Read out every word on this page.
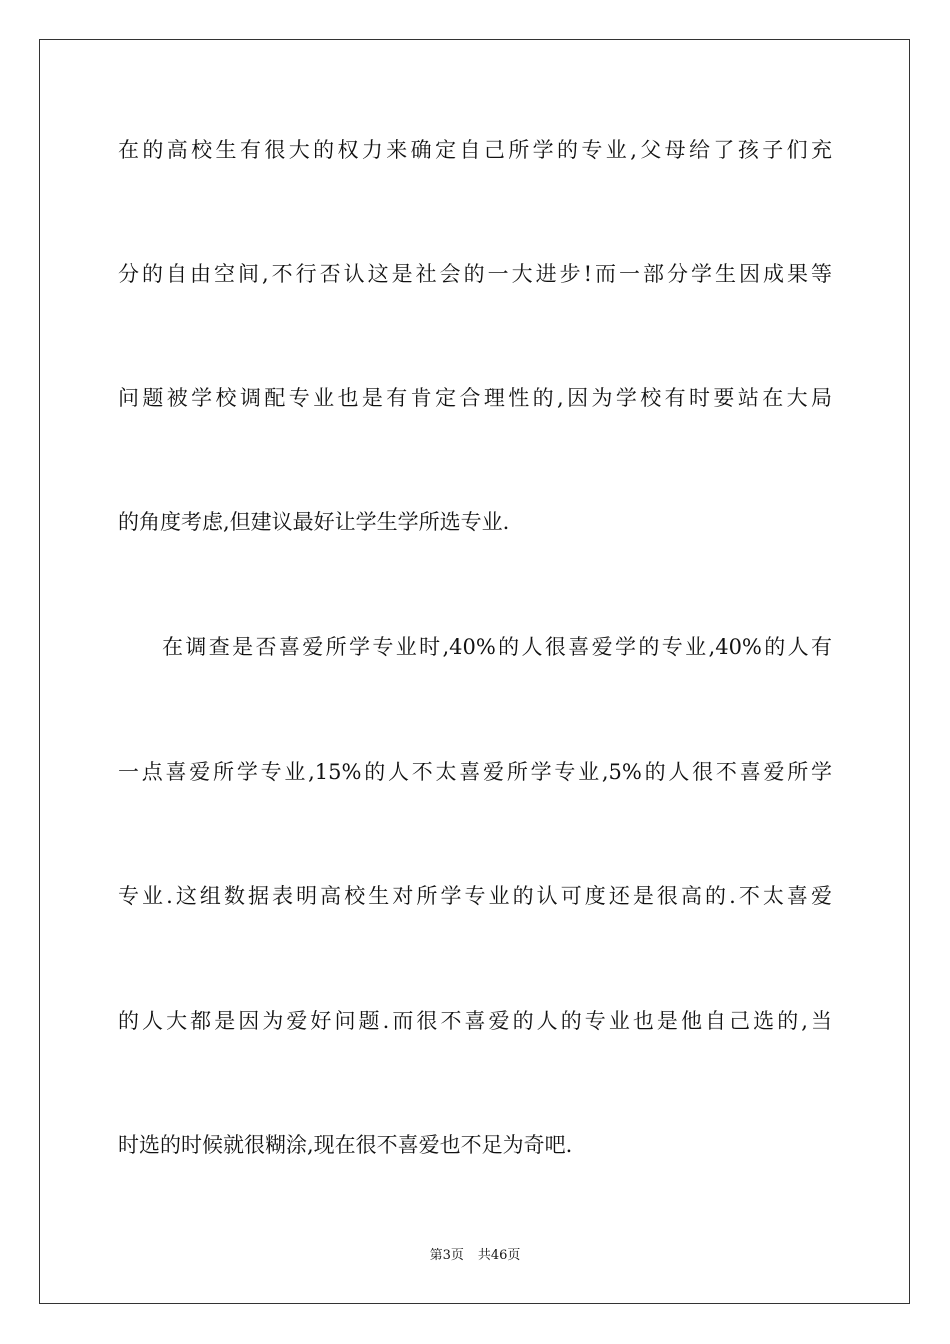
在的高校生有很大的权力来确定自己所学的专业,父母给了孩子们充
分的自由空间,不行否认这是社会的一大进步!而一部分学生因成果等
问题被学校调配专业也是有肯定合理性的,因为学校有时要站在大局
的角度考虑,但建议最好让学生学所选专业.
在调查是否喜爱所学专业时,40%的人很喜爱学的专业,40%的人有
一点喜爱所学专业,15%的人不太喜爱所学专业,5%的人很不喜爱所学
专业.这组数据表明高校生对所学专业的认可度还是很高的.不太喜爱
的人大都是因为爱好问题.而很不喜爱的人的专业也是他自己选的,当
时选的时候就很糊涂,现在很不喜爱也不足为奇吧.
第3页 共46页
